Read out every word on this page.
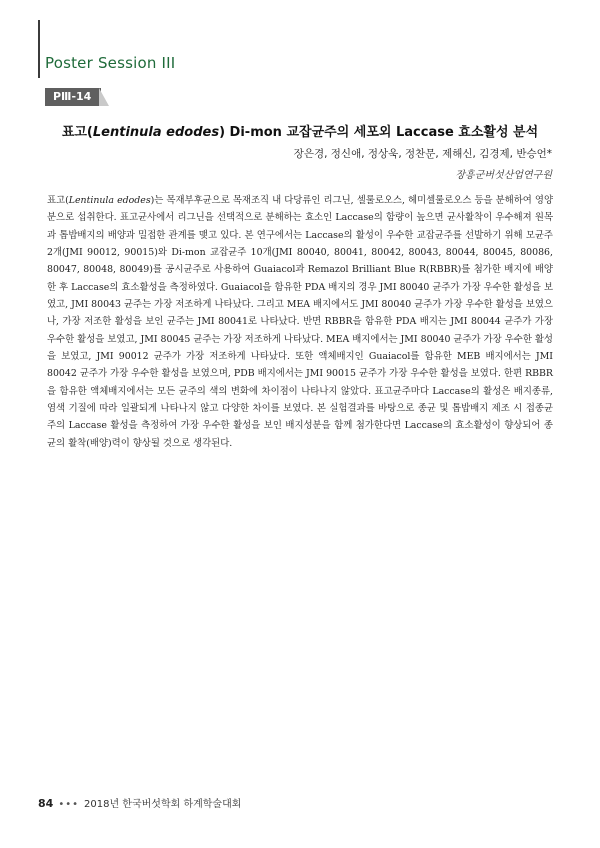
Poster Session III
PⅢ-14
표고(Lentinula edodes) Di-mon 교잡균주의 세포외 Laccase 효소활성 분석
장은경, 정신애, 정상욱, 정찬문, 제해신, 김경제, 반승언*
장흥군버섯산업연구원

표고(Lentinula edodes)는 목재부후균으로 목재조직 내 다당류인 리그닌, 셀룰로오스, 헤미셀룰로오스 등을 분해하여 영양분으로 섭취한다. 표고균사에서 리그닌을 선택적으로 분해하는 효소인 Laccase의 함량이 높으면 균사활착이 우수해져 원목과 톱밥배지의 배양과 밀접한 관계를 맺고 있다. 본 연구에서는 Laccase의 활성이 우수한 교잡균주를 선발하기 위해 모균주 2개(JMI 90012, 90015)와 Di-mon 교잡균주 10개(JMI 80040, 80041, 80042, 80043, 80044, 80045, 80086, 80047, 80048, 80049)를 공시균주로 사용하여 Guaiacol과 Remazol Brilliant Blue R(RBBR)를 첨가한 배지에 배양한 후 Laccase의 효소활성을 측정하였다. Guaiacol을 함유한 PDA 배지의 경우 JMI 80040 균주가 가장 우수한 활성을 보였고, JMI 80043 균주는 가장 저조하게 나타났다. 그리고 MEA 배지에서도 JMI 80040 균주가 가장 우수한 활성을 보였으나, 가장 저조한 활성을 보인 균주는 JMI 80041로 나타났다. 반면 RBBR을 함유한 PDA 배지는 JMI 80044 균주가 가장 우수한 활성을 보였고, JMI 80045 균주는 가장 저조하게 나타났다. MEA 배지에서는 JMI 80040 균주가 가장 우수한 활성을 보였고, JMI 90012 균주가 가장 저조하게 나타났다. 또한 액체배지인 Guaiacol를 함유한 MEB 배지에서는 JMI 80042 균주가 가장 우수한 활성을 보였으며, PDB 배지에서는 JMI 90015 균주가 가장 우수한 활성을 보였다. 한편 RBBR을 함유한 액체배지에서는 모든 균주의 색의 변화에 차이점이 나타나지 않았다. 표고균주마다 Laccase의 활성은 배지종류, 염색 기질에 따라 일괄되게 나타나지 않고 다양한 차이를 보였다. 본 실험결과를 바탕으로 종균 및 톱밥배지 제조 시 접종균주의 Laccase 활성을 측정하여 가장 우수한 활성을 보인 배지성분을 함께 첨가한다면 Laccase의 효소활성이 향상되어 종균의 활착(배양)력이 향상될 것으로 생각된다.

84 ••• 2018년 한국버섯학회 하계학술대회
